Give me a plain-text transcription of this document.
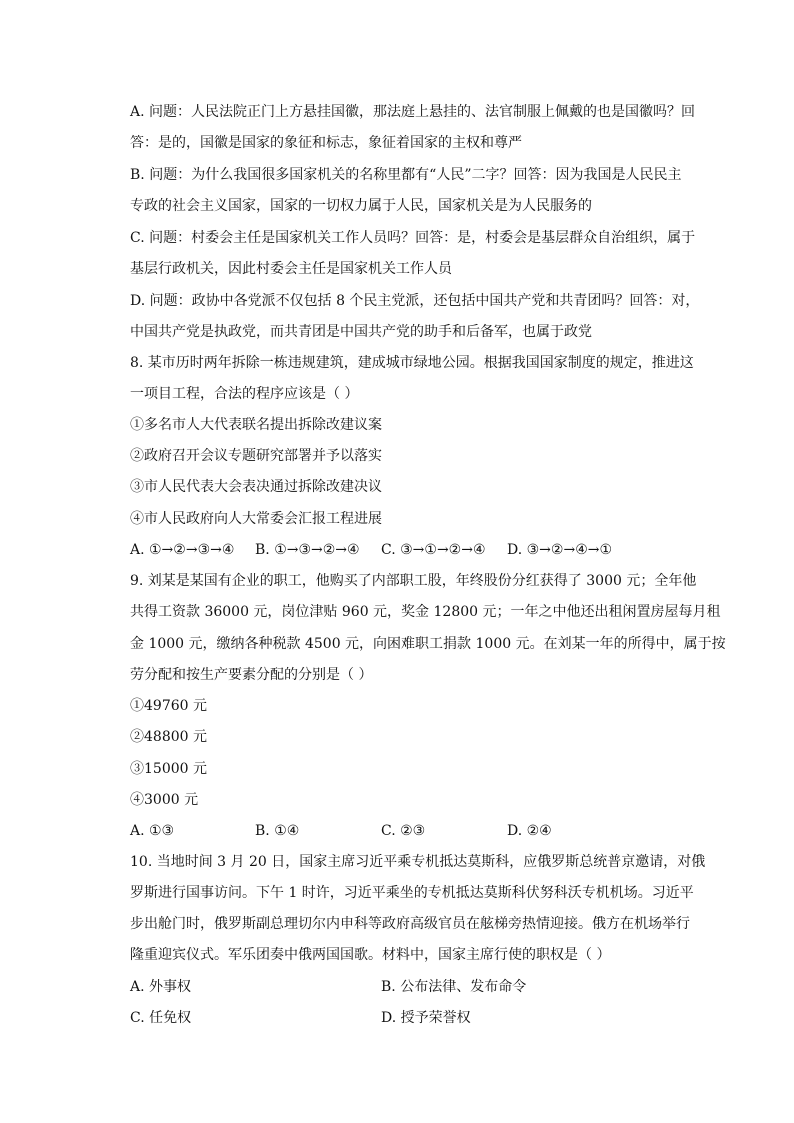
A. 问题：人民法院正门上方悬挂国徽，那法庭上悬挂的、法官制服上佩戴的也是国徽吗？回
答：是的，国徽是国家的象征和标志，象征着国家的主权和尊严
B. 问题：为什么我国很多国家机关的名称里都有“人民”二字？回答：因为我国是人民民主
专政的社会主义国家，国家的一切权力属于人民，国家机关是为人民服务的
C. 问题：村委会主任是国家机关工作人员吗？回答：是，村委会是基层群众自治组织，属于
基层行政机关，因此村委会主任是国家机关工作人员
D. 问题：政协中各党派不仅包括 8 个民主党派，还包括中国共产党和共青团吗？回答：对，
中国共产党是执政党，而共青团是中国共产党的助手和后备军，也属于政党
8. 某市历时两年拆除一栋违规建筑，建成城市绿地公园。根据我国国家制度的规定，推进这
一项目工程，合法的程序应该是（ ）
①多名市人大代表联名提出拆除改建议案
②政府召开会议专题研究部署并予以落实
③市人民代表大会表决通过拆除改建决议
④市人民政府向人大常委会汇报工程进展
A. ①→②→③→④ B. ①→③→②→④ C. ③→①→②→④ D. ③→②→④→①
9. 刘某是某国有企业的职工，他购买了内部职工股，年终股份分红获得了 3000 元；全年他
共得工资款 36000 元，岗位津贴 960 元，奖金 12800 元；一年之中他还出租闲置房屋每月租
金 1000 元，缴纳各种税款 4500 元，向困难职工捐款 1000 元。在刘某一年的所得中，属于按
劳分配和按生产要素分配的分别是（ ）
①49760 元
②48800 元
③15000 元
④3000 元
A. ①③	B. ①④	C. ②③	D. ②④
10. 当地时间 3 月 20 日，国家主席习近平乘专机抵达莫斯科，应俄罗斯总统普京邀请，对俄
罗斯进行国事访问。下午 1 时许，习近平乘坐的专机抵达莫斯科伏努科沃专机机场。习近平
步出舱门时，俄罗斯副总理切尔内申科等政府高级官员在舷梯旁热情迎接。俄方在机场举行
隆重迎宾仪式。军乐团奏中俄两国国歌。材料中，国家主席行使的职权是（ ）
A. 外事权	B. 公布法律、发布命令
C. 任免权	D. 授予荣誉权
